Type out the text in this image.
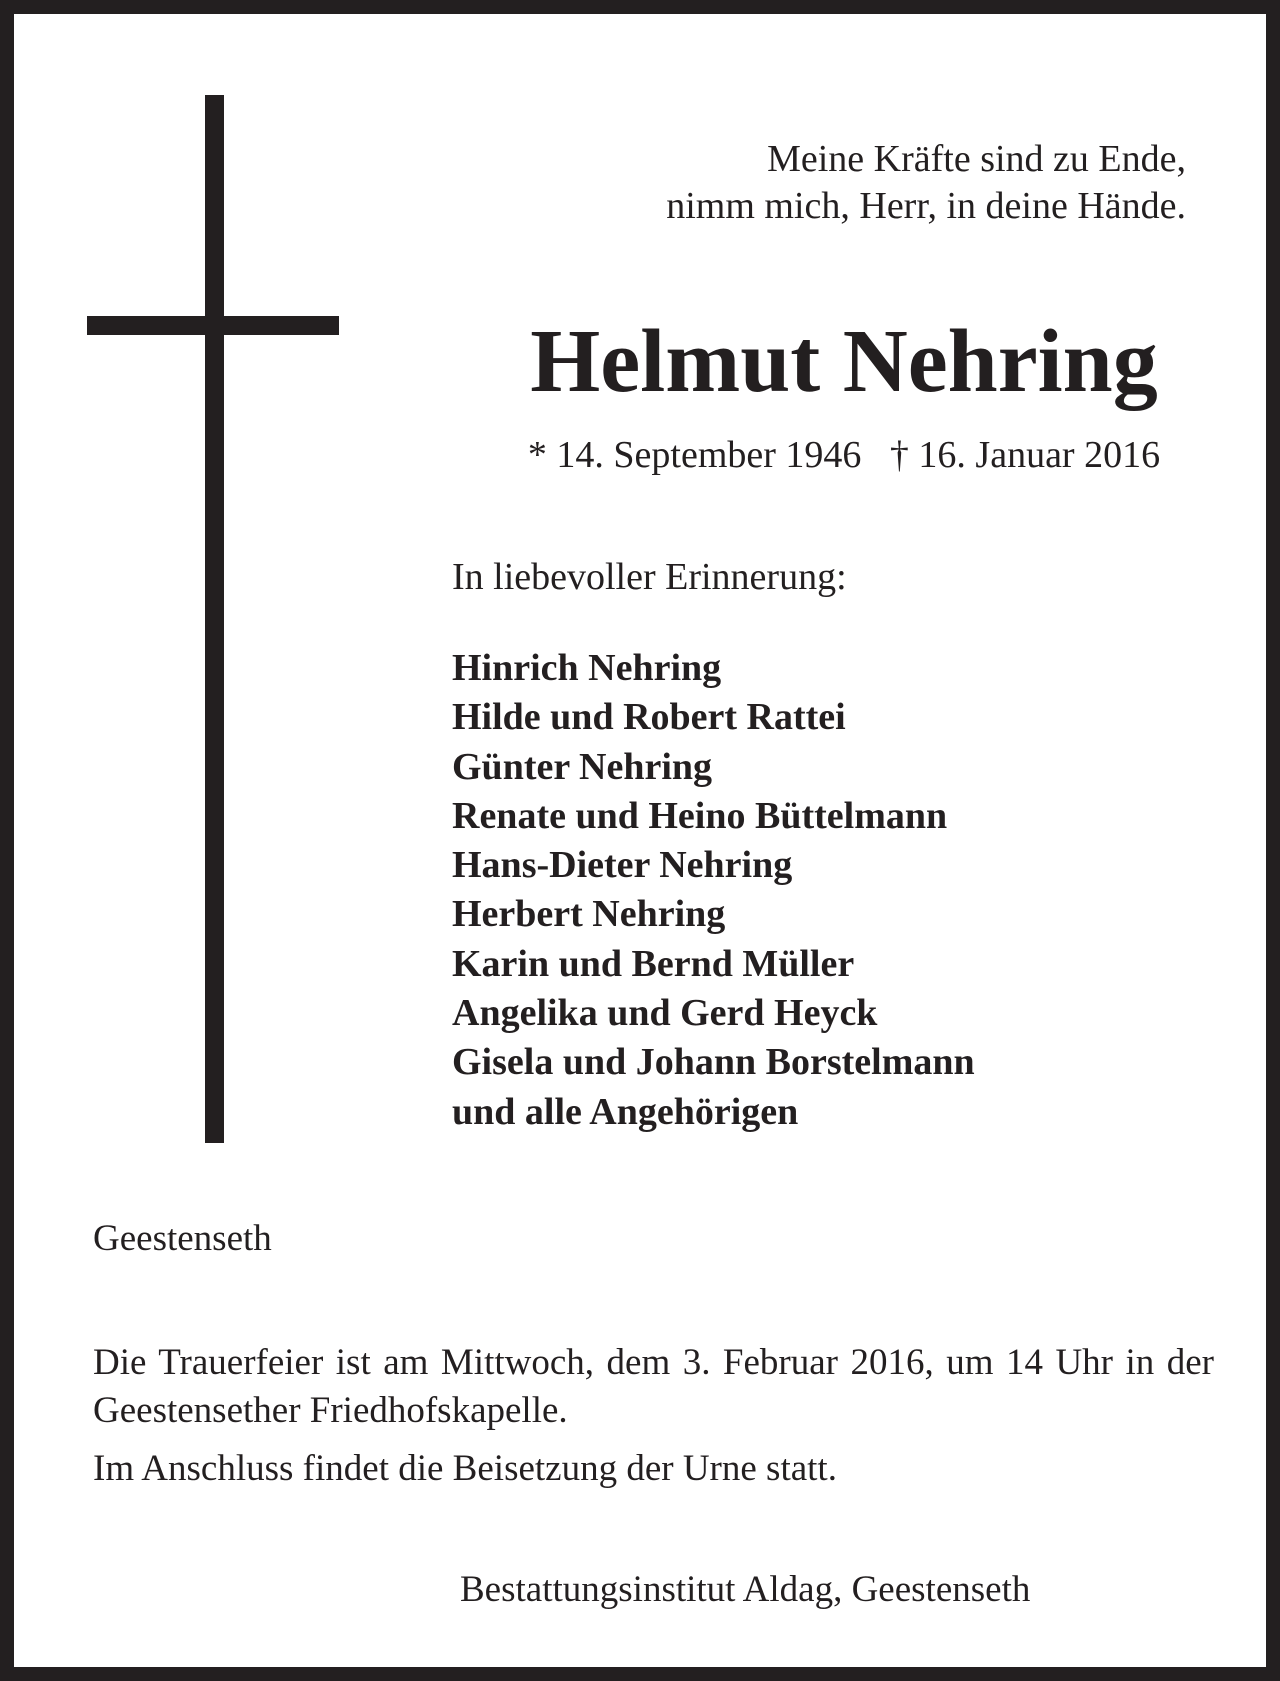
Meine Kräfte sind zu Ende,
nimm mich, Herr, in deine Hände.
Helmut Nehring
* 14. September 1946   † 16. Januar 2016
In liebevoller Erinnerung:
Hinrich Nehring
Hilde und Robert Rattei
Günter Nehring
Renate und Heino Büttelmann
Hans-Dieter Nehring
Herbert Nehring
Karin und Bernd Müller
Angelika und Gerd Heyck
Gisela und Johann Borstelmann
und alle Angehörigen
Geestenseth
Die Trauerfeier ist am Mittwoch, dem 3. Februar 2016, um 14 Uhr in der Geestensether Friedhofskapelle.
Im Anschluss findet die Beisetzung der Urne statt.
Bestattungsinstitut Aldag, Geestenseth
